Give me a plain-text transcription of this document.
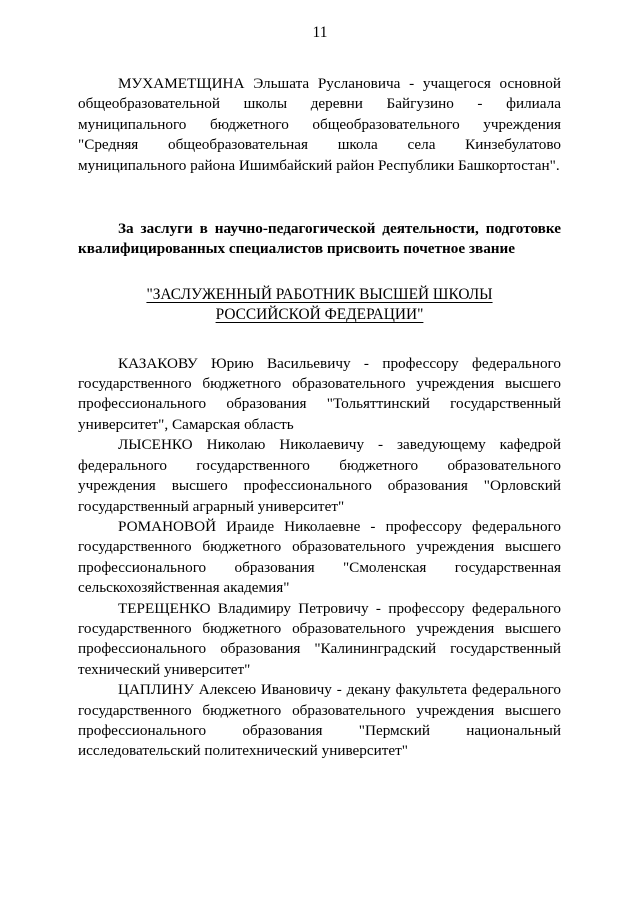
11

МУХАМЕТЩИНА Эльшата Руслановича - учащегося основной общеобразовательной школы деревни Байгузино - филиала муниципального бюджетного общеобразовательного учреждения "Средняя общеобразовательная школа села Кинзебулатово муниципального района Ишимбайский район Республики Башкортостан".

За заслуги в научно-педагогической деятельности, подготовке квалифицированных специалистов присвоить почетное звание

"ЗАСЛУЖЕННЫЙ РАБОТНИК ВЫСШЕЙ ШКОЛЫ
РОССИЙСКОЙ ФЕДЕРАЦИИ"

КАЗАКОВУ Юрию Васильевичу - профессору федерального государственного бюджетного образовательного учреждения высшего профессионального образования "Тольяттинский государственный университет", Самарская область

ЛЫСЕНКО Николаю Николаевичу - заведующему кафедрой федерального государственного бюджетного образовательного учреждения высшего профессионального образования "Орловский государственный аграрный университет"

РОМАНОВОЙ Ираиде Николаевне - профессору федерального государственного бюджетного образовательного учреждения высшего профессионального образования "Смоленская государственная сельскохозяйственная академия"

ТЕРЕЩЕНКО Владимиру Петровичу - профессору федерального государственного бюджетного образовательного учреждения высшего профессионального образования "Калининградский государственный технический университет"

ЦАПЛИНУ Алексею Ивановичу - декану факультета федерального государственного бюджетного образовательного учреждения высшего профессионального образования "Пермский национальный исследовательский политехнический университет"
